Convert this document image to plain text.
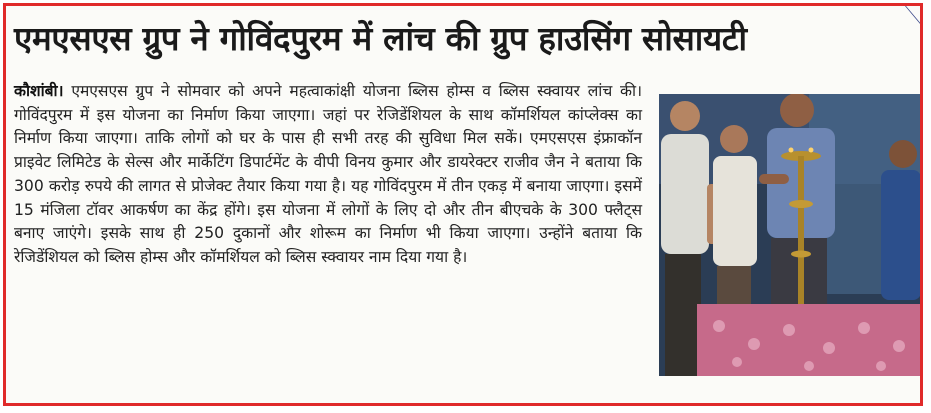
एमएसएस ग्रुप ने गोविंदपुरम में लांच की ग्रुप हाउसिंग सोसायटी

कौशांबी। एमएसएस ग्रुप ने सोमवार को अपने महत्वाकांक्षी योजना ब्लिस होम्स व ब्लिस स्क्वायर लांच की। गोविंदपुरम में इस योजना का निर्माण किया जाएगा। जहां पर रेजिडेंशियल के साथ कॉमर्शियल कांप्लेक्स का निर्माण किया जाएगा। ताकि लोगों को घर के पास ही सभी तरह की सुविधा मिल सकें। एमएसएस इंफ्राकॉन प्राइवेट लिमिटेड के सेल्स और मार्केटिंग डिपार्टमेंट के वीपी विनय कुमार और डायरेक्टर राजीव जैन ने बताया कि 300 करोड़ रुपये की लागत से प्रोजेक्ट तैयार किया गया है। यह गोविंदपुरम में तीन एकड़ में बनाया जाएगा। इसमें 15 मंजिला टॉवर आकर्षण का केंद्र होंगे। इस योजना में लोगों के लिए दो और तीन बीएचके के 300 फ्लैट्स बनाए जाएंगे। इसके साथ ही 250 दुकानों और शोरूम का निर्माण भी किया जाएगा। उन्होंने बताया कि रेजिडेंशियल को ब्लिस होम्स और कॉमर्शियल को ब्लिस स्क्वायर नाम दिया गया है।
